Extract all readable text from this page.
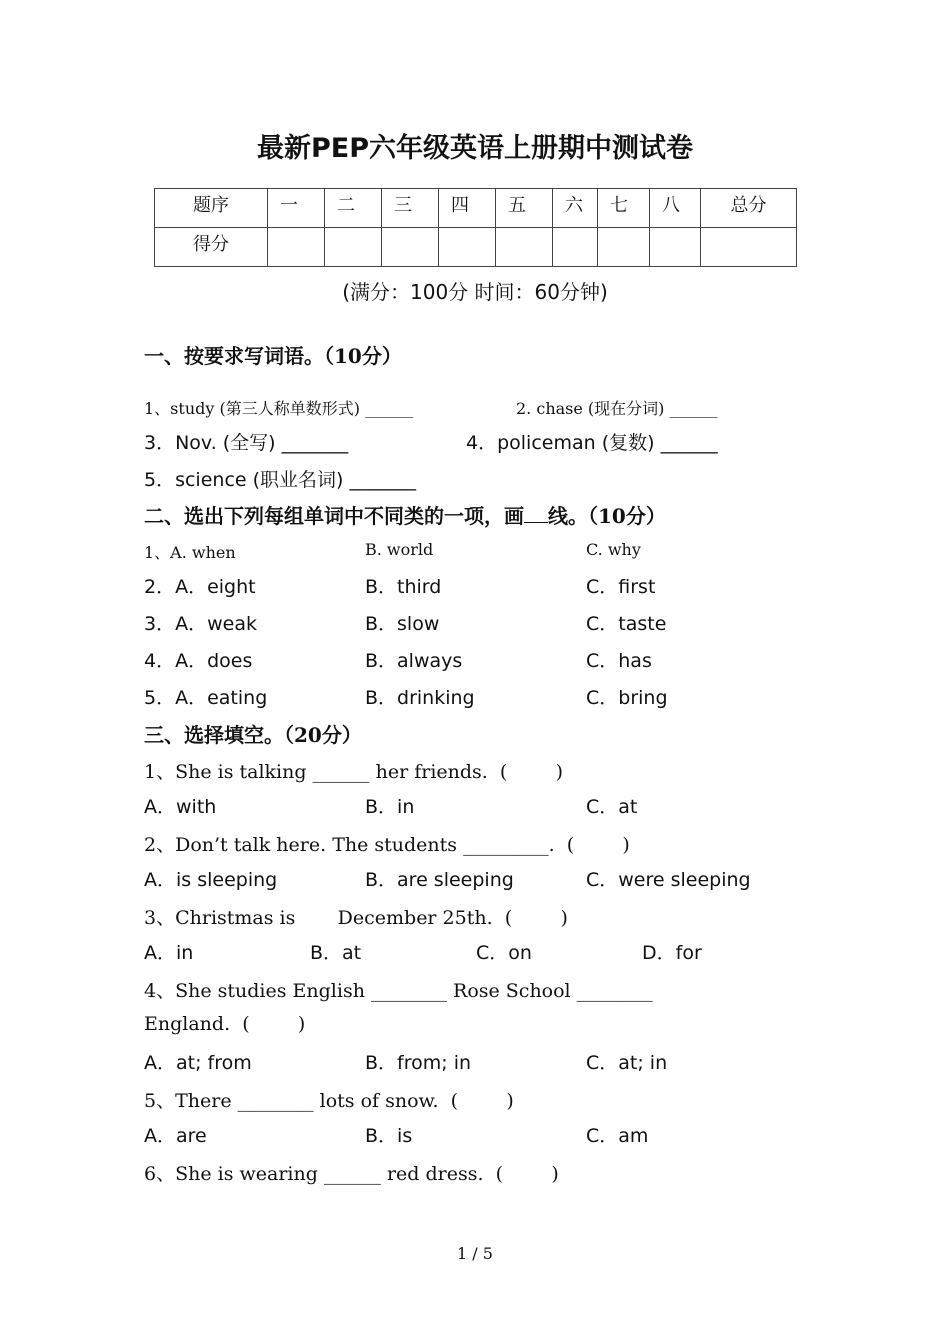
最新PEP六年级英语上册期中测试卷
题序	一	二	三	四	五	六	七	八	总分
得分									
(满分：100分 时间：60分钟)
一、按要求写词语。（10分）
1、study (第三人称单数形式) ______	2. chase (现在分词) ______
3．Nov. (全写) _______	4．policeman (复数) ______
5．science (职业名词) _______
二、选出下列每组单词中不同类的一项，画 线。（10分）
1、A. when	B. world	C. why
2．A．eight	B．third	C．first
3．A．weak	B．slow	C．taste
4．A．does	B．always	C．has
5．A．eating	B．drinking	C．bring
三、选择填空。（20分）
1、She is talking ______ her friends.  (        )
A．with	B．in	C．at
2、Don’t talk here. The students _________.  (        )
A．is sleeping	B．are sleeping	C．were sleeping
3、Christmas is       December 25th.  (        )
A．in	B．at	C．on	D．for
4、She studies English ________ Rose School ________
England.  (        )
A．at; from	B．from; in	C．at; in
5、There ________ lots of snow.  (        )
A．are	B．is	C．am
6、She is wearing ______ red dress.  (        )
1 / 5
